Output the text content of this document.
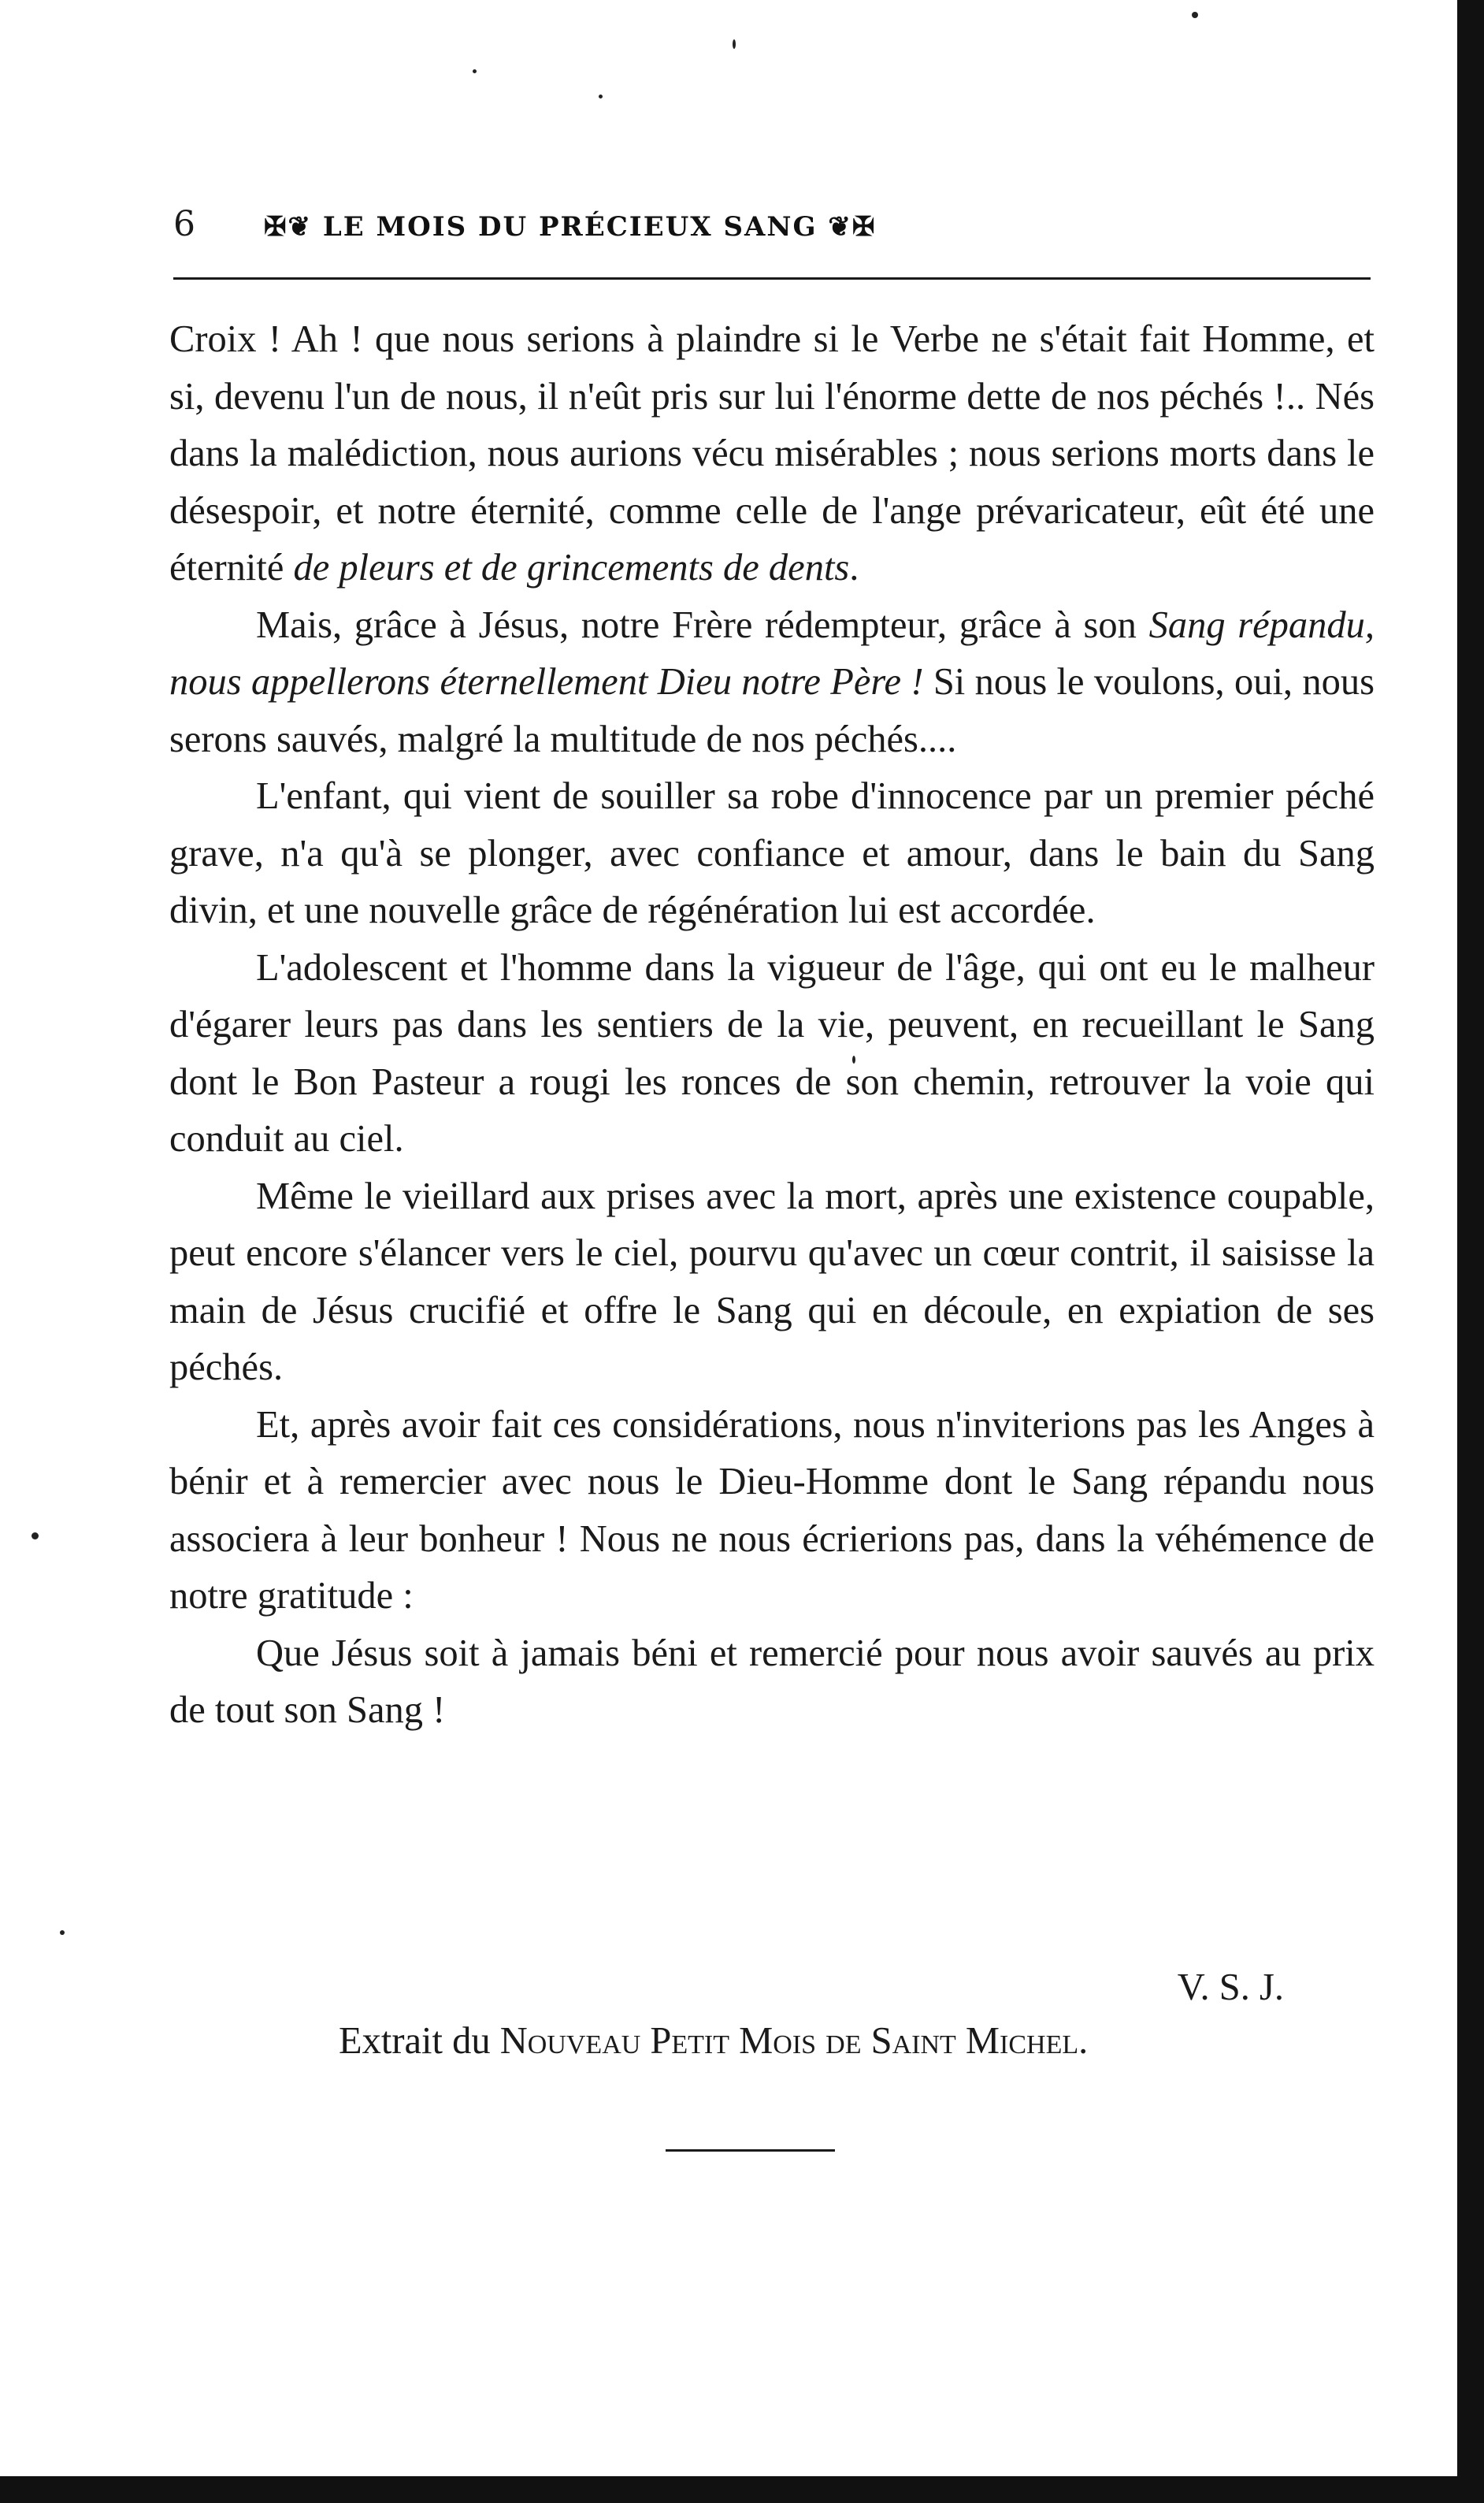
6	✠❦ LE MOIS DU PRÉCIEUX SANG ❦✠

Croix ! Ah ! que nous serions à plaindre si le Verbe ne s'était fait Homme, et si, devenu l'un de nous, il n'eût pris sur lui l'énorme dette de nos péchés !.. Nés dans la malédiction, nous aurions vécu misérables ; nous serions morts dans le désespoir, et notre éternité, comme celle de l'ange prévaricateur, eût été une éternité de pleurs et de grincements de dents.

Mais, grâce à Jésus, notre Frère rédempteur, grâce à son Sang répandu, nous appellerons éternellement Dieu notre Père ! Si nous le voulons, oui, nous serons sauvés, malgré la multitude de nos péchés....

L'enfant, qui vient de souiller sa robe d'innocence par un premier péché grave, n'a qu'à se plonger, avec confiance et amour, dans le bain du Sang divin, et une nouvelle grâce de régénération lui est accordée.

L'adolescent et l'homme dans la vigueur de l'âge, qui ont eu le malheur d'égarer leurs pas dans les sentiers de la vie, peuvent, en recueillant le Sang dont le Bon Pasteur a rougi les ronces de son chemin, retrouver la voie qui conduit au ciel.

Même le vieillard aux prises avec la mort, après une existence coupable, peut encore s'élancer vers le ciel, pourvu qu'avec un cœur contrit, il saisisse la main de Jésus crucifié et offre le Sang qui en découle, en expiation de ses péchés.

Et, après avoir fait ces considérations, nous n'inviterions pas les Anges à bénir et à remercier avec nous le Dieu-Homme dont le Sang répandu nous associera à leur bonheur ! Nous ne nous écrierions pas, dans la véhémence de notre gratitude :

Que Jésus soit à jamais béni et remercié pour nous avoir sauvés au prix de tout son Sang !

V. S. J.
Extrait du Nouveau Petit Mois de Saint Michel.
